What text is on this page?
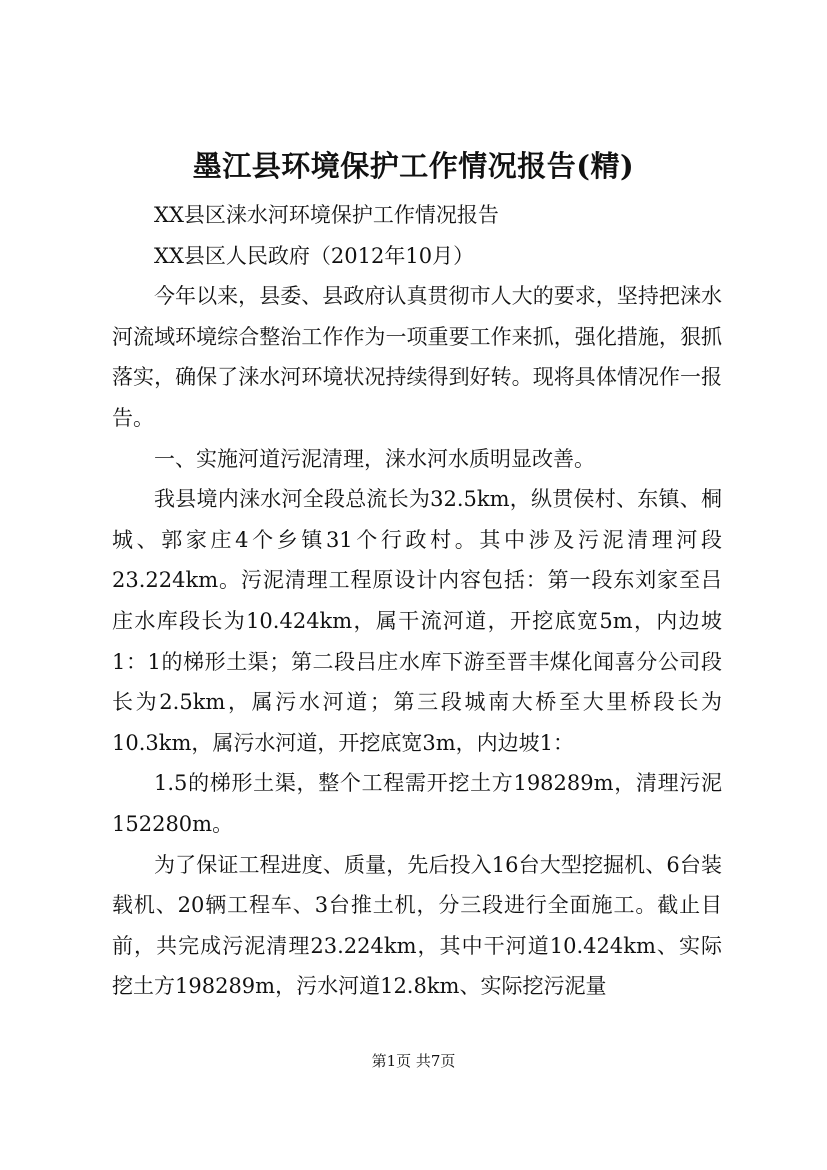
墨江县环境保护工作情况报告(精)

XX县区涞水河环境保护工作情况报告

XX县区人民政府（2012年10月）

今年以来，县委、县政府认真贯彻市人大的要求，坚持把涞水河流域环境综合整治工作作为一项重要工作来抓，强化措施，狠抓落实，确保了涞水河环境状况持续得到好转。现将具体情况作一报告。

一、实施河道污泥清理，涞水河水质明显改善。

我县境内涞水河全段总流长为32.5km，纵贯侯村、东镇、桐城、郭家庄4个乡镇31个行政村。其中涉及污泥清理河段23.224km。污泥清理工程原设计内容包括：第一段东刘家至吕庄水库段长为10.424km，属干流河道，开挖底宽5m，内边坡1：1的梯形土渠；第二段吕庄水库下游至晋丰煤化闻喜分公司段长为2.5km，属污水河道；第三段城南大桥至大里桥段长为10.3km，属污水河道，开挖底宽3m，内边坡1：

1.5的梯形土渠，整个工程需开挖土方198289m，清理污泥152280m。

为了保证工程进度、质量，先后投入16台大型挖掘机、6台装载机、20辆工程车、3台推土机，分三段进行全面施工。截止目前，共完成污泥清理23.224km，其中干河道10.424km、实际挖土方198289m，污水河道12.8km、实际挖污泥量

第1页 共7页
